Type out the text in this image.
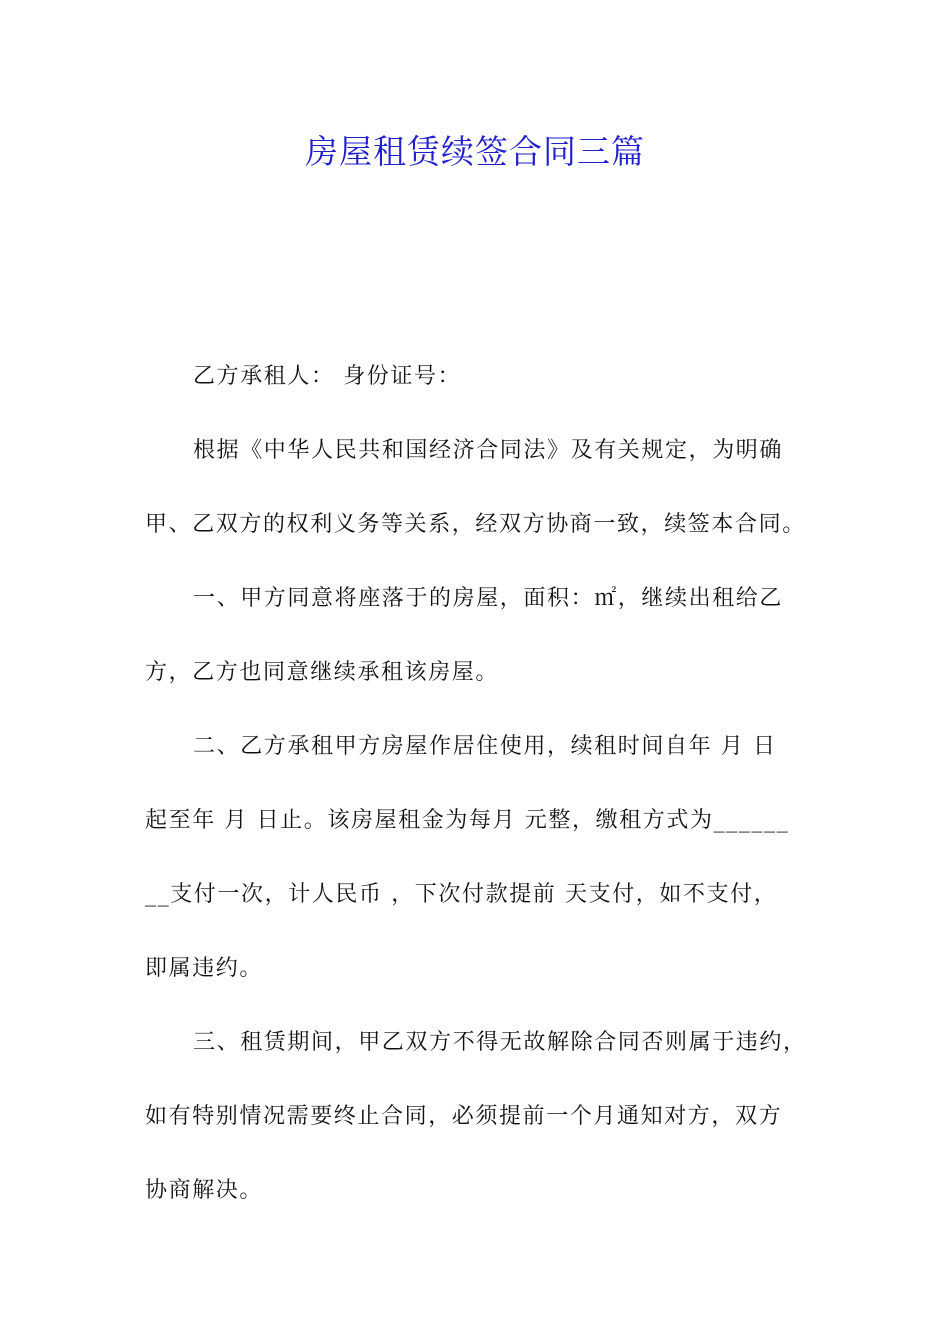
房屋租赁续签合同三篇
乙方承租人： 身份证号：
根据《中华人民共和国经济合同法》及有关规定，为明确
甲、乙双方的权利义务等关系，经双方协商一致，续签本合同。
一、甲方同意将座落于的房屋，面积：㎡，继续出租给乙
方，乙方也同意继续承租该房屋。
二、乙方承租甲方房屋作居住使用，续租时间自年 月 日
起至年 月 日止。该房屋租金为每月 元整，缴租方式为______
__支付一次，计人民币 ，下次付款提前 天支付，如不支付，
即属违约。
三、租赁期间，甲乙双方不得无故解除合同否则属于违约，
如有特别情况需要终止合同，必须提前一个月通知对方，双方
协商解决。
